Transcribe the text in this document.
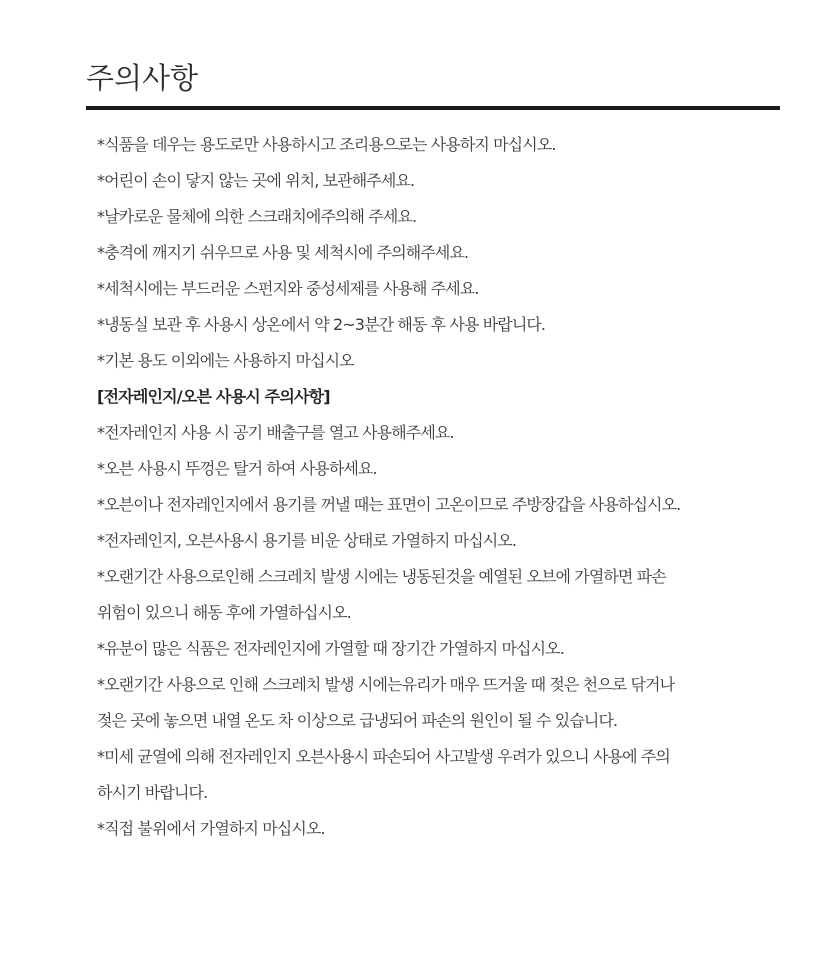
주의사항
*식품을 데우는 용도로만 사용하시고 조리용으로는 사용하지 마십시오.
*어린이 손이 닿지 않는 곳에 위치, 보관해주세요.
*날카로운 물체에 의한 스크래치에주의해 주세요.
*충격에 깨지기 쉬우므로 사용 및 세척시에 주의해주세요.
*세척시에는 부드러운 스펀지와 중성세제를 사용해 주세요.
*냉동실 보관 후 사용시 상온에서 약 2~3분간 해동 후 사용 바랍니다.
*기본 용도 이외에는 사용하지 마십시오
[전자레인지/오븐 사용시 주의사항]
*전자레인지 사용 시 공기 배출구를 열고 사용해주세요.
*오븐 사용시 뚜껑은 탈거 하여 사용하세요.
*오븐이나 전자레인지에서 용기를 꺼낼 때는 표면이 고온이므로 주방장갑을 사용하십시오.
*전자레인지, 오븐사용시 용기를 비운 상태로 가열하지 마십시오.
*오랜기간 사용으로인해 스크레치 발생 시에는 냉동된것을 예열된 오브에 가열하면 파손
위험이 있으니 해동 후에 가열하십시오.
*유분이 많은 식품은 전자레인지에 가열할 때 장기간 가열하지 마십시오.
*오랜기간 사용으로 인해 스크레치 발생 시에는유리가 매우 뜨거울 때 젖은 천으로 닦거나
젖은 곳에 놓으면 내열 온도 차 이상으로 급냉되어 파손의 원인이 될 수 있습니다.
*미세 균열에 의해 전자레인지 오븐사용시 파손되어 사고발생 우려가 있으니 사용에 주의
하시기 바랍니다.
*직접 불위에서 가열하지 마십시오.
